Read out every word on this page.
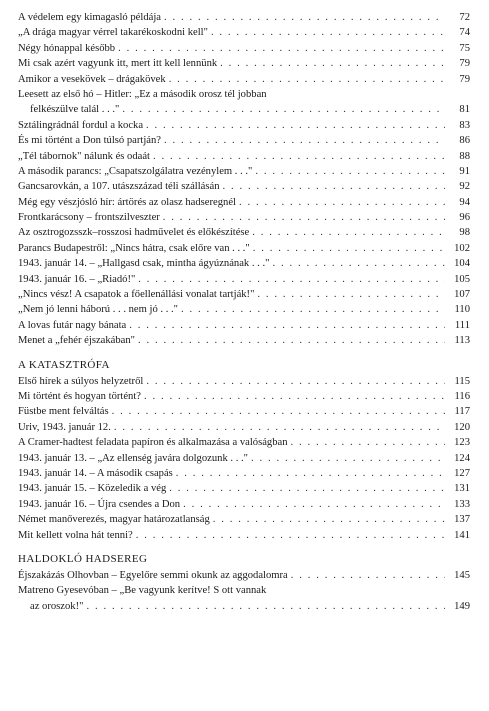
A védelem egy kimagasló példája . . .	72
„A drága magyar vérrel takarékoskodni kell" . . .	74
Négy hónappal később . . .	75
Mi csak azért vagyunk itt, mert itt kell lennünk . . .	79
Amikor a vesekövek – drágakövek . . .	79
Leesett az első hó – Hitler: „Ez a második orosz tél jobban
felkészülve talál . . ." . . .	81
Sztálingrádnál fordul a kocka . . .	83
És mi történt a Don túlsó partján? . . .	86
„Tél tábornok" nálunk és odaát . . .	88
A második parancs: „Csapatszolgálatra vezénylem . . ." . . .	91
Gancsarovkán, a 107. utászszázad téli szállásán . . .	92
Még egy vészjósló hír: ártörés az olasz hadseregnél . . .	94
Frontkarácsony – frontszilveszter . . .	96
Az osztrogozsszk–rosszosi hadművelet és előkészítése . . .	98
Parancs Budapestről: „Nincs hátra, csak előre van . . ." . . .	102
1943. január 14. – „Hallgasd csak, mintha ágyúznának . . ." . . .	104
1943. január 16. – „Riadó!" . . .	105
„Nincs vész! A csapatok a főellenállási vonalat tartják!" . . .	107
„Nem jó lenni háború . . . nem jó . . ." . . .	110
A lovas futár nagy bánata . . .	111
Menet a „fehér éjszakában" . . .	113
A KATASZTRÓFA
Első hírek a súlyos helyzetről . . .	115
Mi történt és hogyan történt? . . .	116
Füstbe ment felváltás . . .	117
Uriv, 1943. január 12. . . .	120
A Cramer-hadtest feladata papíron és alkalmazása a valóságban . . .	123
1943. január 13. – „Az ellenség javára dolgozunk . . ." . . .	124
1943. január 14. – A második csapás . . .	127
1943. január 15. – Közeledik a vég . . .	131
1943. január 16. – Újra csendes a Don . . .	133
Német manőverezés, magyar határozatlanság . . .	137
Mit kellett volna hát tenni? . . .	141
HALDOKLÓ HADSEREG
Éjszakázás Olhovban – Egyelőre semmi okunk az aggodalomra . . .	145
Matreno Gyesevóban – „Be vagyunk kerítve! S ott vannak
az oroszok!" . . .	149
